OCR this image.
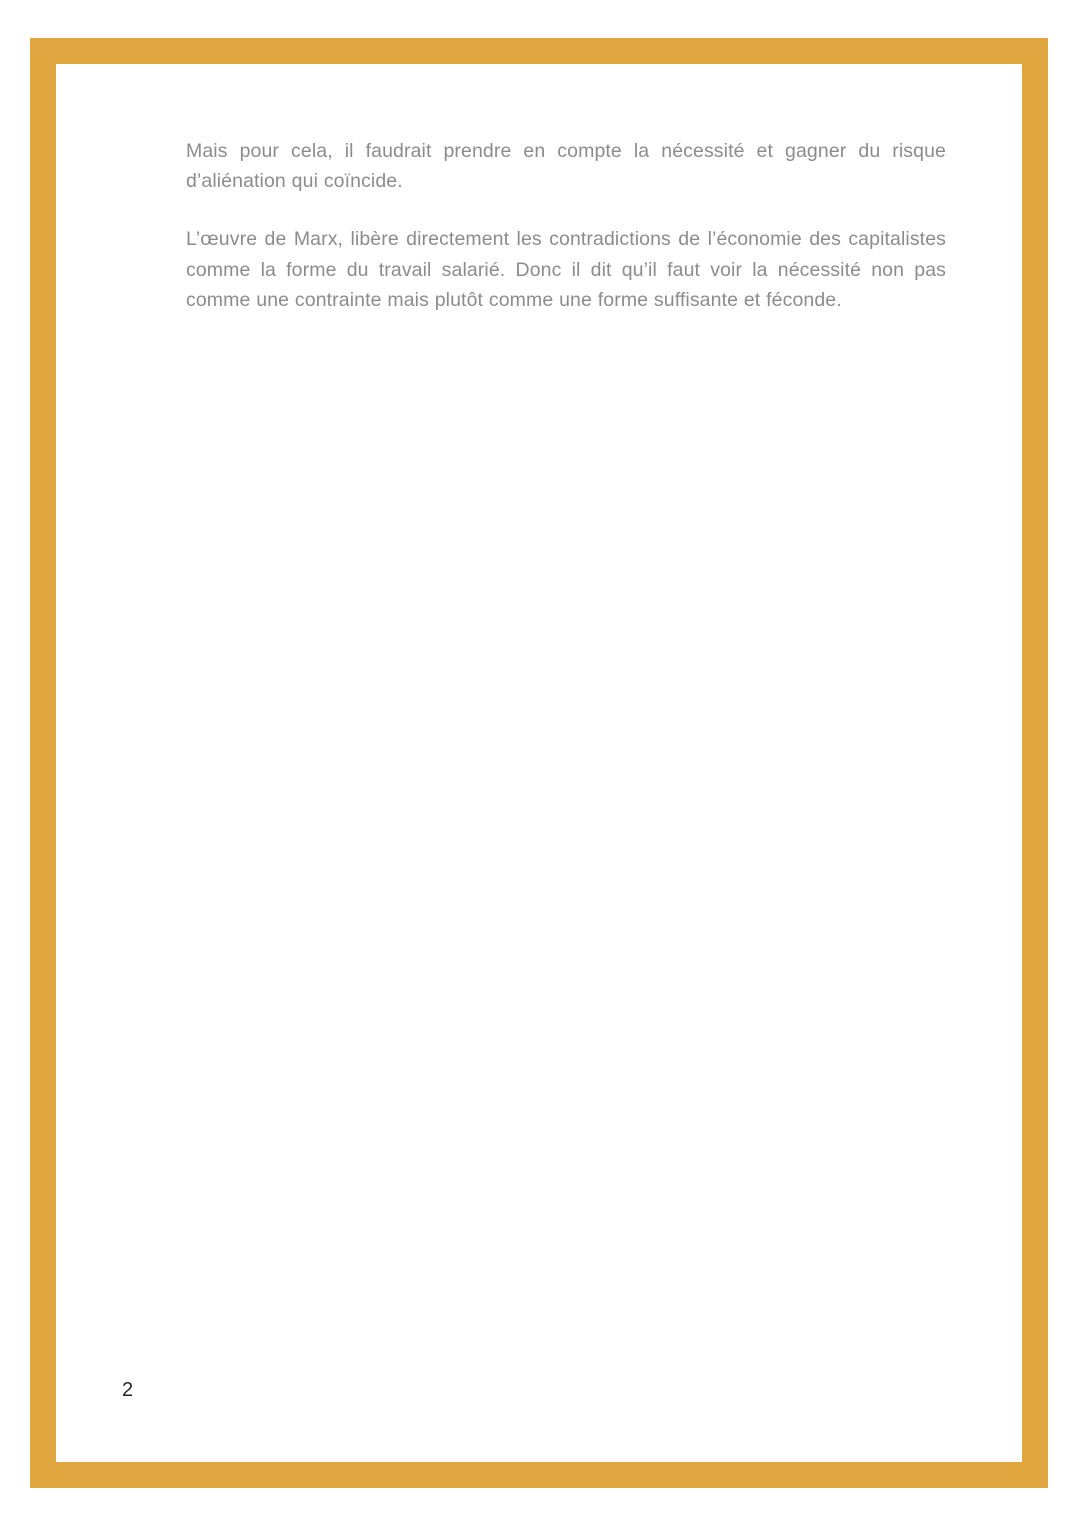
Mais pour cela, il faudrait prendre en compte la nécessité et gagner du risque d’aliénation qui coïncide.

L’œuvre de Marx, libère directement les contradictions de l’économie des capitalistes comme la forme du travail salarié. Donc il dit qu’il faut voir la nécessité non pas comme une contrainte mais plutôt comme une forme suffisante et féconde.

2
